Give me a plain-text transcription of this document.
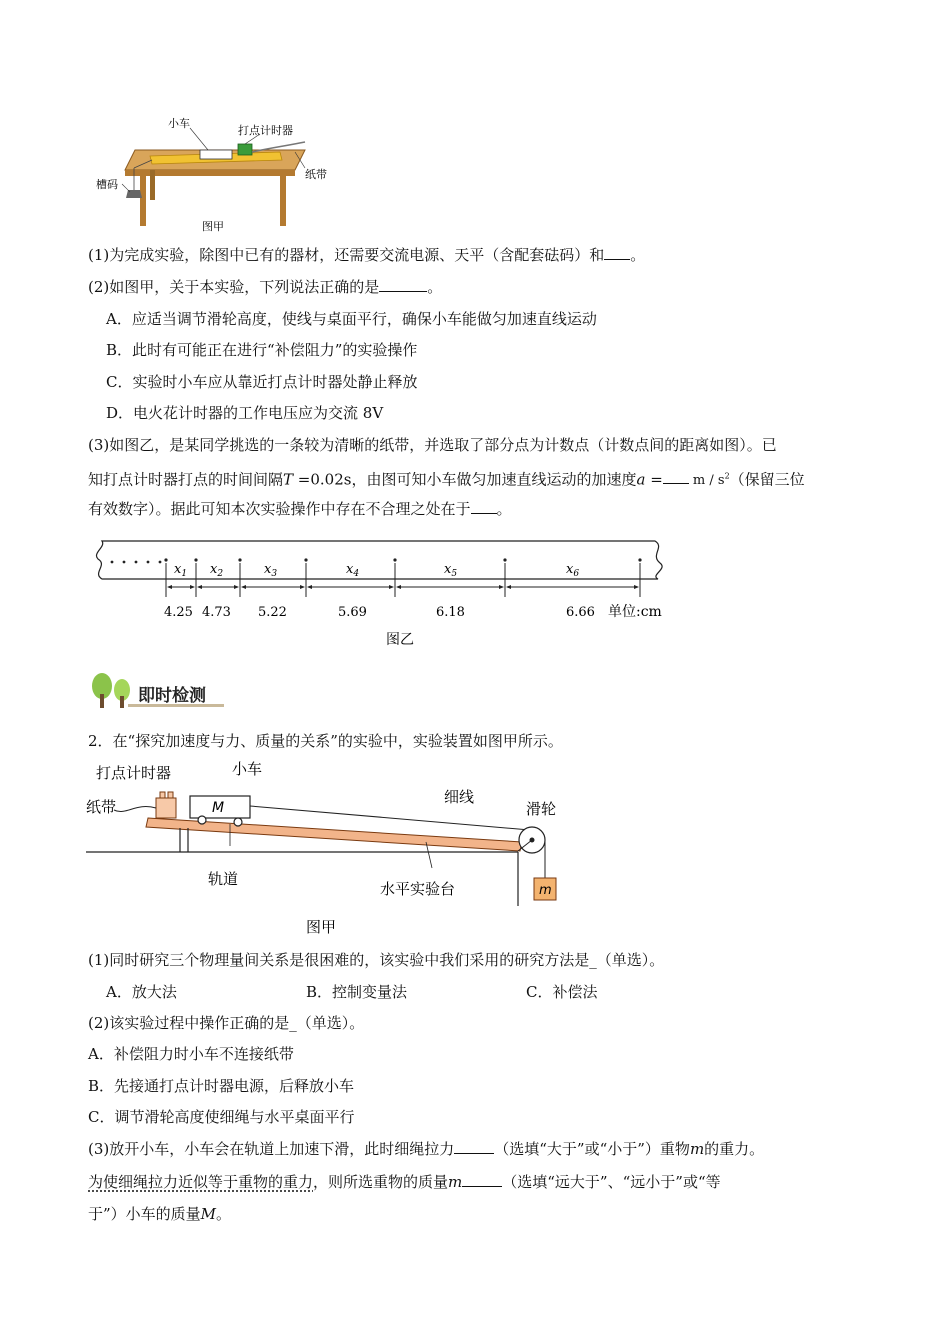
小车
打点计时器
纸带
槽码
图甲
(1)为完成实验，除图中已有的器材，还需要交流电源、天平（含配套砝码）和 。
(2)如图甲，关于本实验，下列说法正确的是	。
A．应适当调节滑轮高度，使线与桌面平行，确保小车能做匀加速直线运动
B．此时有可能正在进行“补偿阻力”的实验操作
C．实验时小车应从靠近打点计时器处静止释放
D．电火花计时器的工作电压应为交流 8V
(3)如图乙，是某同学挑选的一条较为清晰的纸带，并选取了部分点为计数点（计数点间的距离如图）。已
知打点计时器打点的时间间隔T =0.02s，由图可知小车做匀加速直线运动的加速度$a = m / s^2$（保留三位
有效数字）。据此可知本次实验操作中存在不合理之处在于 。
$x_1$ $x_2$	$x_3$	$x_4$	$x_5$	$x_6$
4.25 4.73 5.22	5.69	6.18	6.66 单位:cm
图乙
即时检测
2．在“探究加速度与力、质量的关系”的实验中，实验装置如图甲所示。
M
m
打点计时器	小车
纸带
细线
滑轮
轨道
水平实验台
图甲
(1)同时研究三个物理量间关系是很困难的，该实验中我们采用的研究方法是_（单选）。
A．放大法	B．控制变量法	C．补偿法
(2)该实验过程中操作正确的是_（单选）。
A．补偿阻力时小车不连接纸带
B．先接通打点计时器电源，后释放小车
C．调节滑轮高度使细绳与水平桌面平行
(3)放开小车，小车会在轨道上加速下滑，此时细绳拉力	（选填“大于”或“小于”）重物m的重力。
为使细绳拉力近似等于重物的重力，则所选重物的质量m	（选填“远大于”、“远小于”或“等
于”）小车的质量M。
